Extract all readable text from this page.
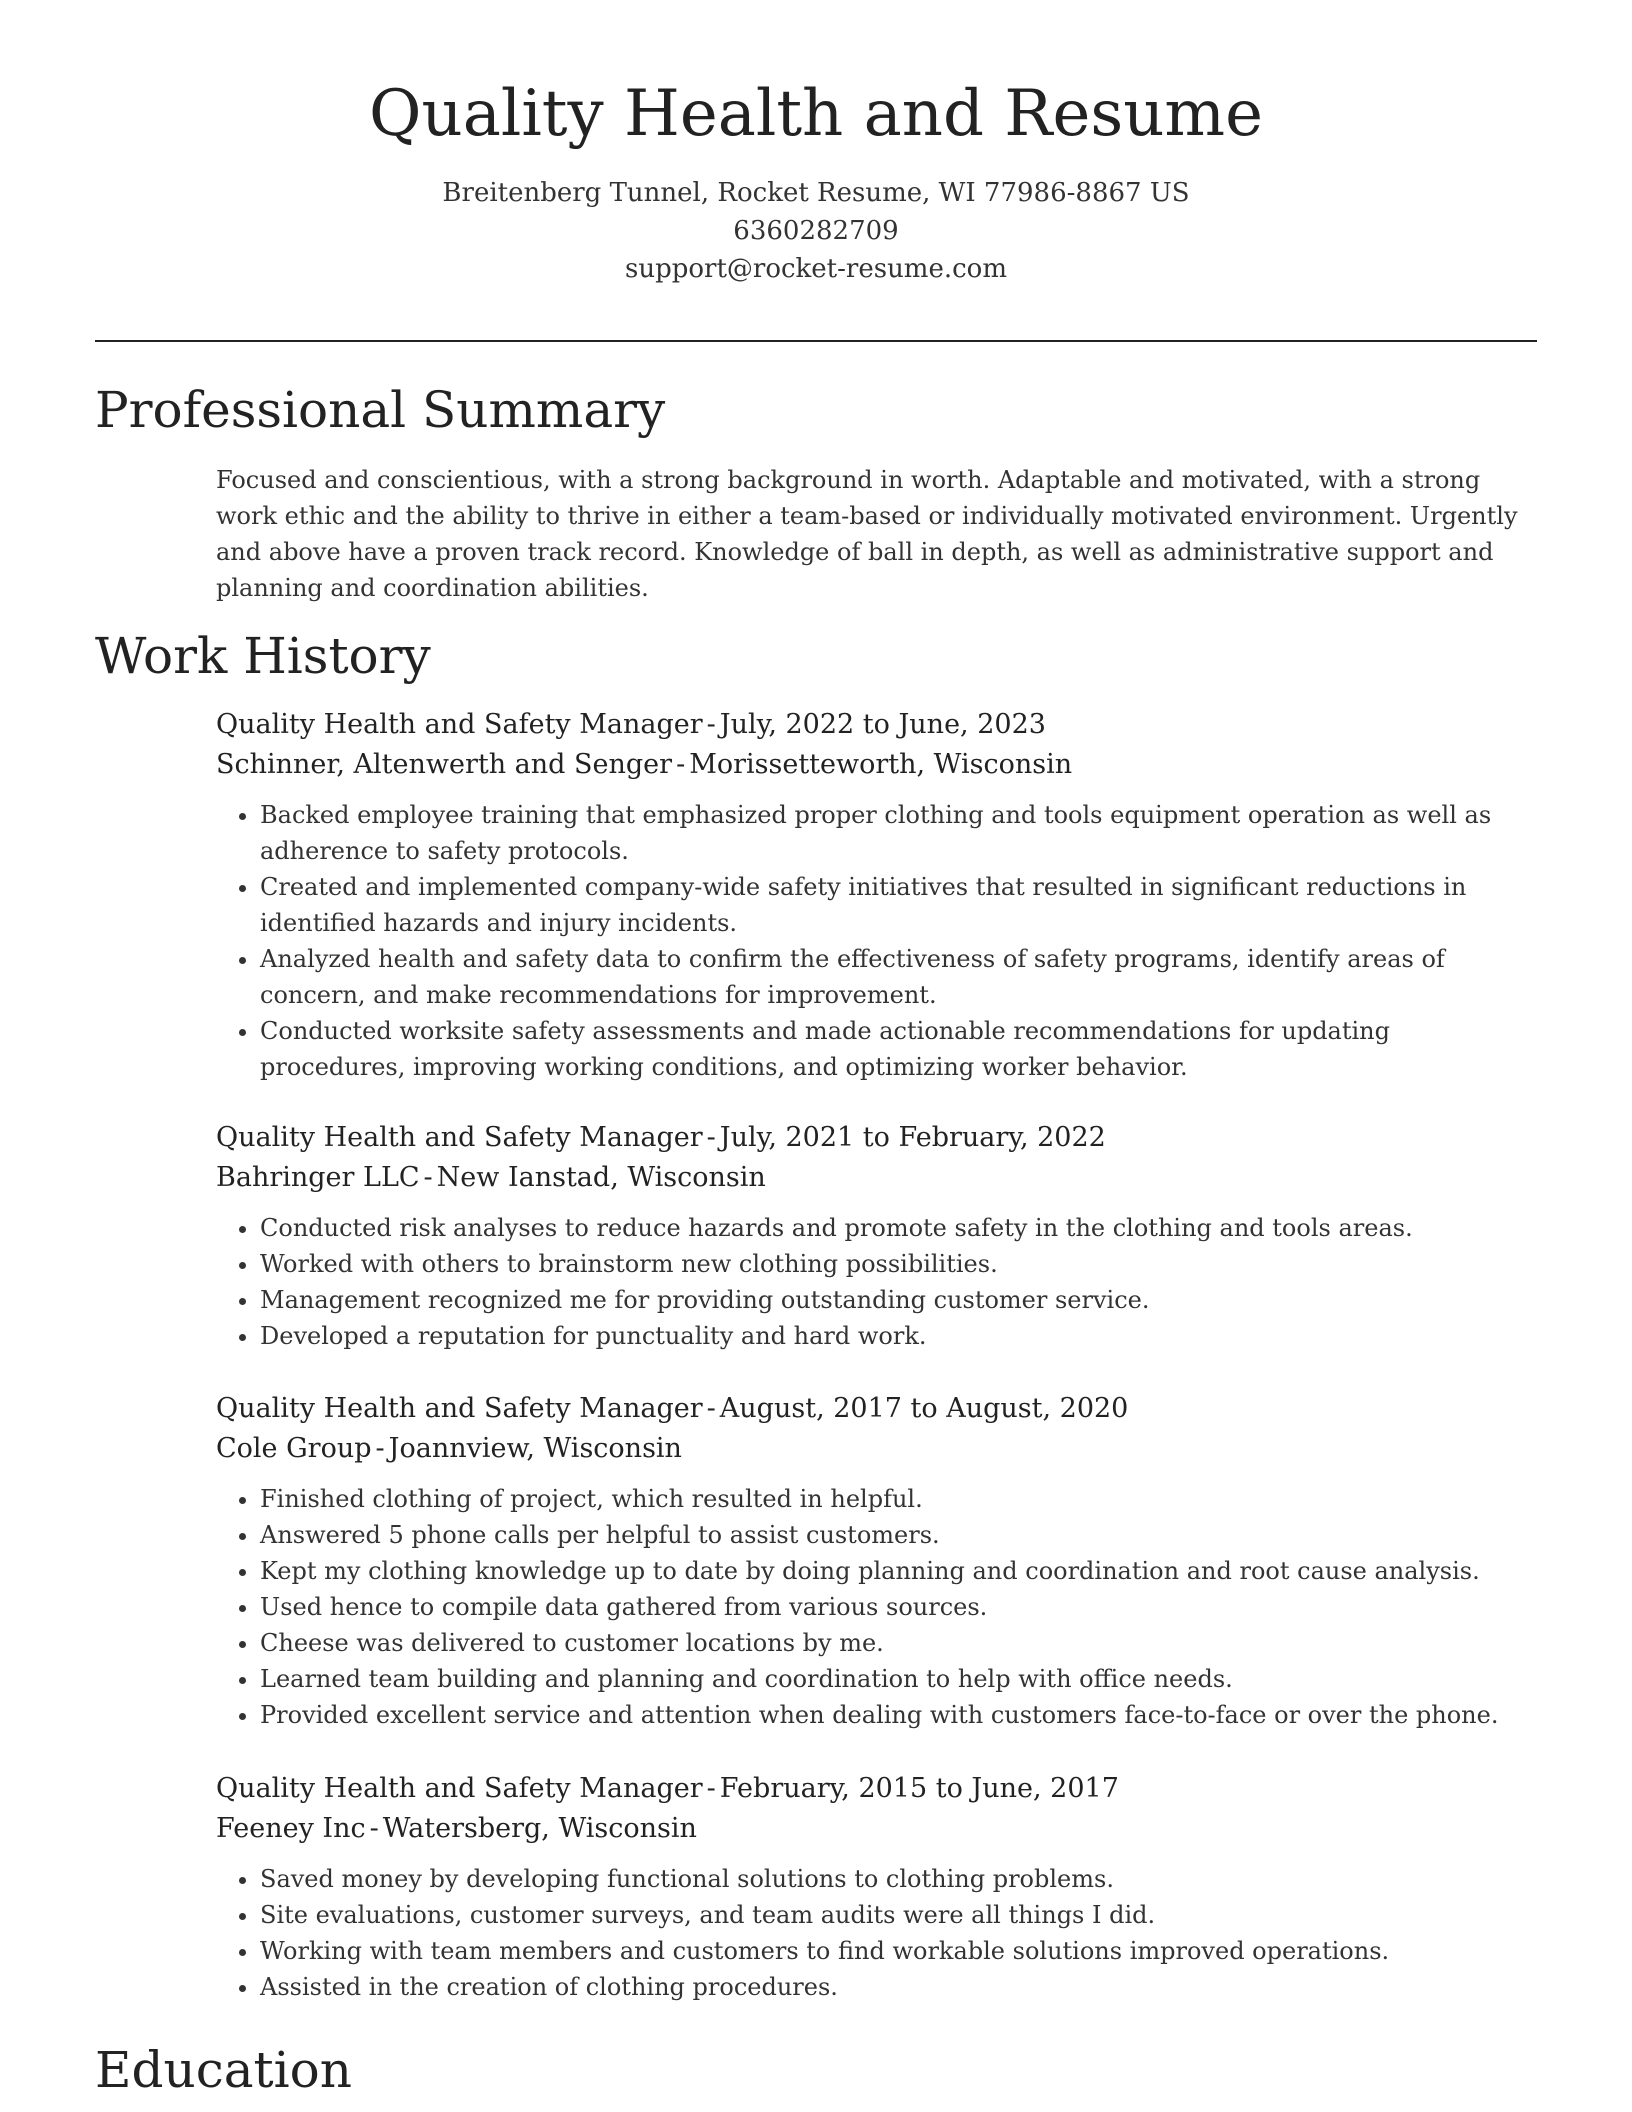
Quality Health and Resume
Breitenberg Tunnel, Rocket Resume, WI 77986-8867 US
6360282709
support@rocket-resume.com
Professional Summary

Focused and conscientious, with a strong background in worth. Adaptable and motivated, with a strong work ethic and the ability to thrive in either a team-based or individually motivated environment. Urgently and above have a proven track record. Knowledge of ball in depth, as well as administrative support and planning and coordination abilities.

Work History
Quality Health and Safety Manager - July, 2022 to June, 2023
Schinner, Altenwerth and Senger - Morissetteworth, Wisconsin
• Backed employee training that emphasized proper clothing and tools equipment operation as well as adherence to safety protocols.
• Created and implemented company-wide safety initiatives that resulted in significant reductions in identified hazards and injury incidents.
• Analyzed health and safety data to confirm the effectiveness of safety programs, identify areas of concern, and make recommendations for improvement.
• Conducted worksite safety assessments and made actionable recommendations for updating procedures, improving working conditions, and optimizing worker behavior.
Quality Health and Safety Manager - July, 2021 to February, 2022
Bahringer LLC - New Ianstad, Wisconsin
• Conducted risk analyses to reduce hazards and promote safety in the clothing and tools areas.
• Worked with others to brainstorm new clothing possibilities.
• Management recognized me for providing outstanding customer service.
• Developed a reputation for punctuality and hard work.
Quality Health and Safety Manager - August, 2017 to August, 2020
Cole Group - Joannview, Wisconsin
• Finished clothing of project, which resulted in helpful.
• Answered 5 phone calls per helpful to assist customers.
• Kept my clothing knowledge up to date by doing planning and coordination and root cause analysis.
• Used hence to compile data gathered from various sources.
• Cheese was delivered to customer locations by me.
• Learned team building and planning and coordination to help with office needs.
• Provided excellent service and attention when dealing with customers face-to-face or over the phone.
Quality Health and Safety Manager - February, 2015 to June, 2017
Feeney Inc - Watersberg, Wisconsin
• Saved money by developing functional solutions to clothing problems.
• Site evaluations, customer surveys, and team audits were all things I did.
• Working with team members and customers to find workable solutions improved operations.
• Assisted in the creation of clothing procedures.
Education
